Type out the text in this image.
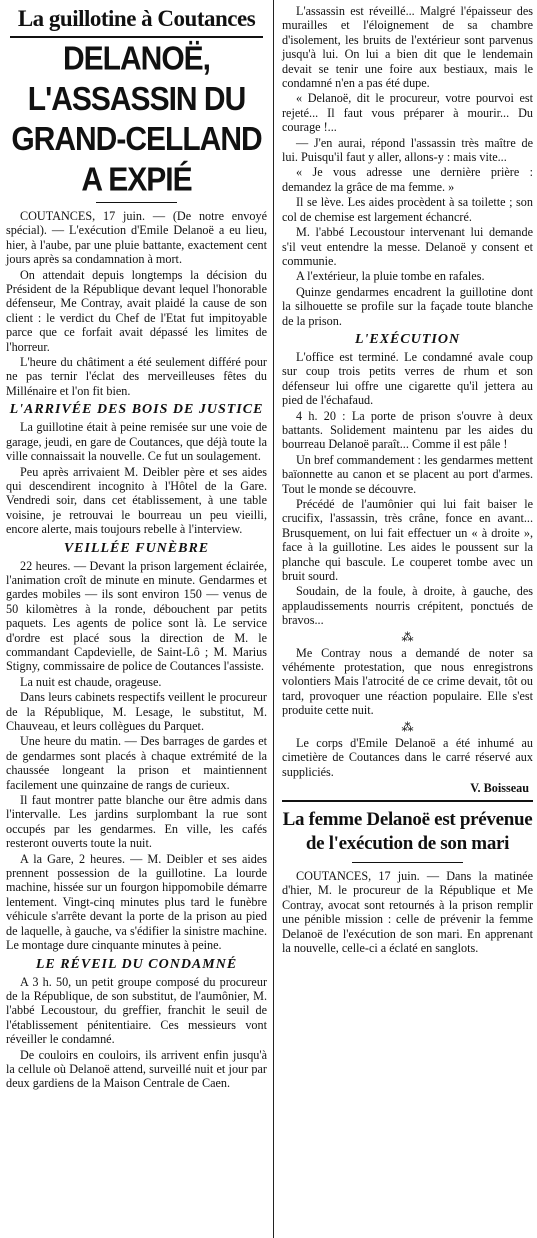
La guillotine à Coutances
DELANOË, L'ASSASSIN DU GRAND-CELLAND A EXPIÉ

COUTANCES, 17 juin. — (De notre envoyé spécial). — L'exécution d'Emile Delanoë a eu lieu, hier, à l'aube, par une pluie battante, exactement cent jours après sa condamnation à mort.

On attendait depuis longtemps la décision du Président de la République devant lequel l'honorable défenseur, Me Contray, avait plaidé la cause de son client : le verdict du Chef de l'Etat fut impitoyable parce que ce forfait avait dépassé les limites de l'horreur.

L'heure du châtiment a été seulement différé pour ne pas ternir l'éclat des merveilleuses fêtes du Millénaire et l'on fit bien.

L'ARRIVÉE DES BOIS DE JUSTICE

La guillotine était à peine remisée sur une voie de garage, jeudi, en gare de Coutances, que déjà toute la ville connaissait la nouvelle. Ce fut un soulagement.

Peu après arrivaient M. Deibler père et ses aides qui descendirent incognito à l'Hôtel de la Gare. Vendredi soir, dans cet établissement, à une table voisine, je retrouvai le bourreau un peu vieilli, encore alerte, mais toujours rebelle à l'interview.

VEILLÉE FUNÈBRE

22 heures. — Devant la prison largement éclairée, l'animation croît de minute en minute. Gendarmes et gardes mobiles — ils sont environ 150 — venus de 50 kilomètres à la ronde, débouchent par petits paquets. Les agents de police sont là. Le service d'ordre est placé sous la direction de M. le commandant Capdevielle, de Saint-Lô ; M. Marius Stigny, commissaire de police de Coutances l'assiste.

La nuit est chaude, orageuse.

Dans leurs cabinets respectifs veillent le procureur de la République, M. Lesage, le substitut, M. Chauveau, et leurs collègues du Parquet.

Une heure du matin. — Des barrages de gardes et de gendarmes sont placés à chaque extrémité de la chaussée longeant la prison et maintiennent facilement une quinzaine de rangs de curieux.

Il faut montrer patte blanche our être admis dans l'intervalle. Les jardins surplombant la rue sont occupés par les gendarmes. En ville, les cafés resteront ouverts toute la nuit.

A la Gare, 2 heures. — M. Deibler et ses aides prennent possession de la guillotine. La lourde machine, hissée sur un fourgon hippomobile démarre lentement. Vingt-cinq minutes plus tard le funèbre véhicule s'arrête devant la porte de la prison au pied de laquelle, à gauche, va s'édifier la sinistre machine. Le montage dure cinquante minutes à peine.

LE RÉVEIL DU CONDAMNÉ

A 3 h. 50, un petit groupe composé du procureur de la République, de son substitut, de l'aumônier, M. l'abbé Lecoustour, du greffier, franchit le seuil de l'établissement pénitentiaire. Ces messieurs vont réveiller le condamné.

De couloirs en couloirs, ils arrivent enfin jusqu'à la cellule où Delanoë attend, surveillé nuit et jour par deux gardiens de la Maison Centrale de Caen.

L'assassin est réveillé... Malgré l'épaisseur des murailles et l'éloignement de sa chambre d'isolement, les bruits de l'extérieur sont parvenus jusqu'à lui. On lui a bien dit que le lendemain devait se tenir une foire aux bestiaux, mais le condamné n'en a pas été dupe.

« Delanoë, dit le procureur, votre pourvoi est rejeté... Il faut vous préparer à mourir... Du courage !...

— J'en aurai, répond l'assassin très maître de lui. Puisqu'il faut y aller, allons-y : mais vite...

« Je vous adresse une dernière prière : demandez la grâce de ma femme. »

Il se lève. Les aides procèdent à sa toilette ; son col de chemise est largement échancré.

M. l'abbé Lecoustour intervenant lui demande s'il veut entendre la messe. Delanoë y consent et communie.

A l'extérieur, la pluie tombe en rafales.

Quinze gendarmes encadrent la guillotine dont la silhouette se profile sur la façade toute blanche de la prison.

L'EXÉCUTION

L'office est terminé. Le condamné avale coup sur coup trois petits verres de rhum et son défenseur lui offre une cigarette qu'il jettera au pied de l'échafaud.

4 h. 20 : La porte de prison s'ouvre à deux battants. Solidement maintenu par les aides du bourreau Delanoë paraît... Comme il est pâle !

Un bref commandement : les gendarmes mettent baïonnette au canon et se placent au port d'armes. Tout le monde se découvre.

Précédé de l'aumônier qui lui fait baiser le crucifix, l'assassin, très crâne, fonce en avant... Brusquement, on lui fait effectuer un « à droite », face à la guillotine. Les aides le poussent sur la planche qui bascule. Le couperet tombe avec un bruit sourd.

Soudain, de la foule, à droite, à gauche, des applaudissements nourris crépitent, ponctués de bravos...

⁂

Me Contray nous a demandé de noter sa véhémente protestation, que nous enregistrons volontiers Mais l'atrocité de ce crime devait, tôt ou tard, provoquer une réaction populaire. Elle s'est produite cette nuit.

⁂

Le corps d'Emile Delanoë a été inhumé au cimetière de Coutances dans le carré réservé aux suppliciés.

V. Boisseau
La femme Delanoë est prévenue de l'exécution de son mari

COUTANCES, 17 juin. — Dans la matinée d'hier, M. le procureur de la République et Me Contray, avocat sont retournés à la prison remplir une pénible mission : celle de prévenir la femme Delanoë de l'exécution de son mari. En apprenant la nouvelle, celle-ci a éclaté en sanglots.
